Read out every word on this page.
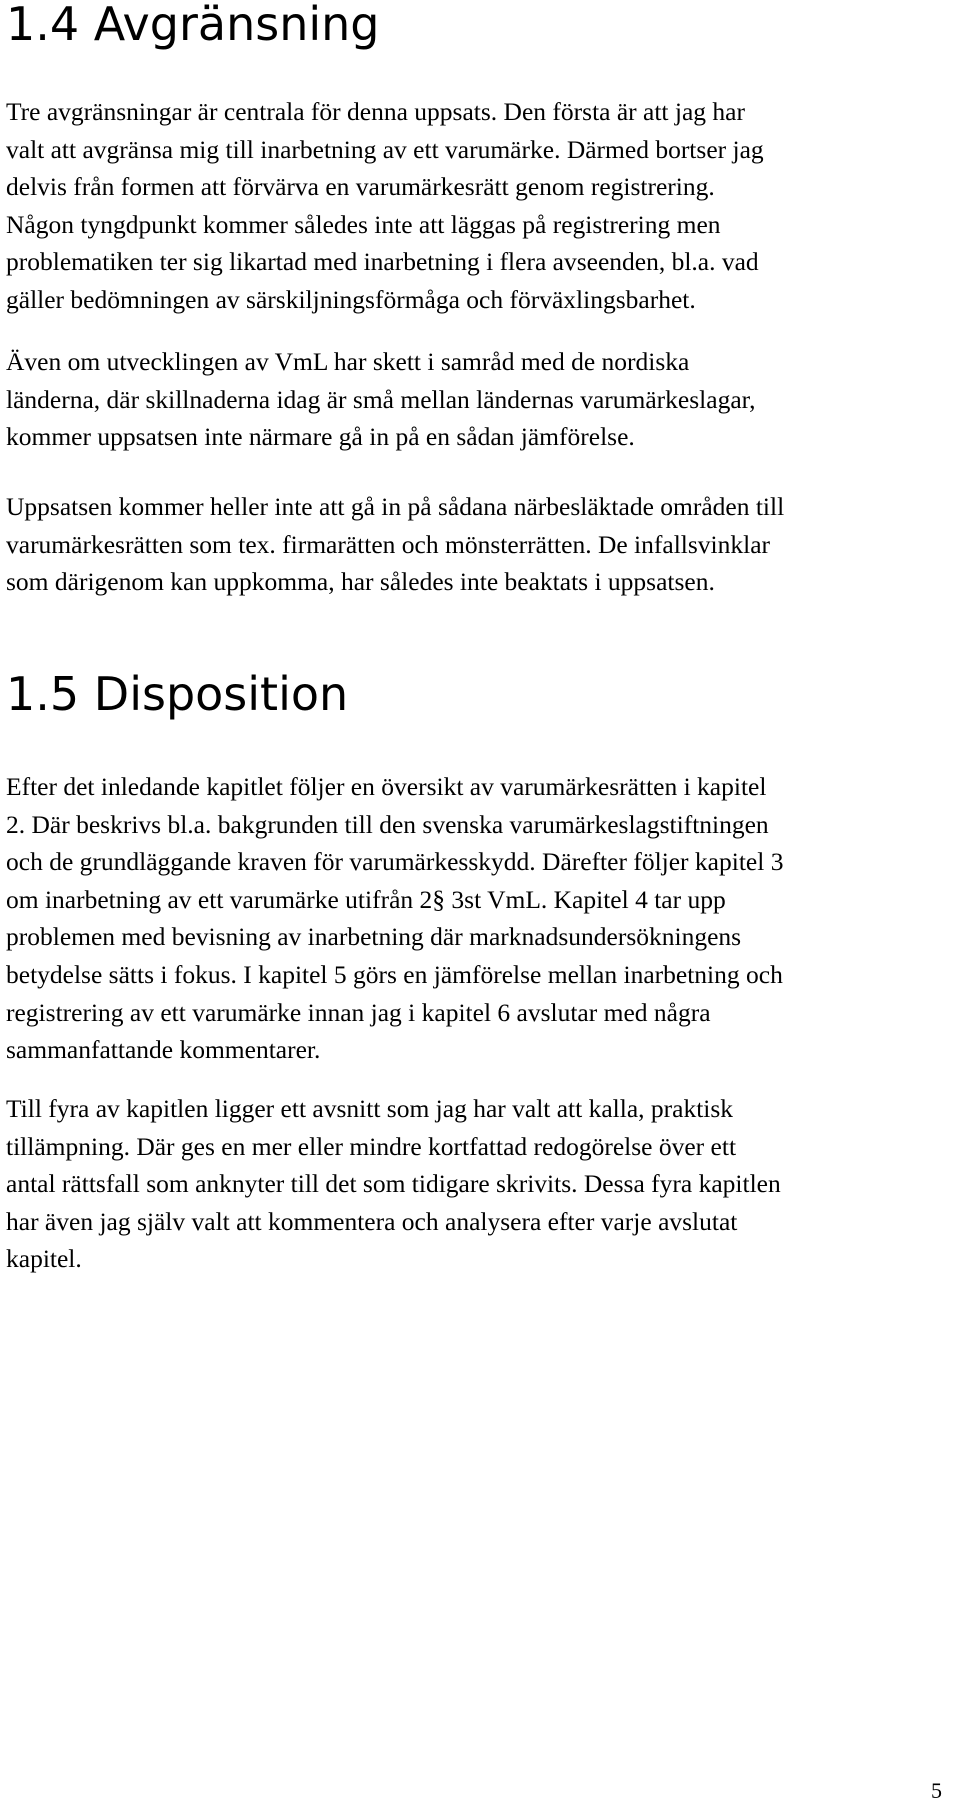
1.4 Avgränsning

Tre avgränsningar är centrala för denna uppsats. Den första är att jag har
valt att avgränsa mig till inarbetning av ett varumärke. Därmed bortser jag
delvis från formen att förvärva en varumärkesrätt genom registrering.
Någon tyngdpunkt kommer således inte att läggas på registrering men
problematiken ter sig likartad med inarbetning i flera avseenden, bl.a. vad
gäller bedömningen av särskiljningsförmåga och förväxlingsbarhet.

Även om utvecklingen av VmL har skett i samråd med de nordiska
länderna, där skillnaderna idag är små mellan ländernas varumärkeslagar,
kommer uppsatsen inte närmare gå in på en sådan jämförelse.

Uppsatsen kommer heller inte att gå in på sådana närbesläktade områden till
varumärkesrätten som tex. firmarätten och mönsterrätten. De infallsvinklar
som därigenom kan uppkomma, har således inte beaktats i uppsatsen.

1.5 Disposition

Efter det inledande kapitlet följer en översikt av varumärkesrätten i kapitel
2. Där beskrivs bl.a. bakgrunden till den svenska varumärkeslagstiftningen
och de grundläggande kraven för varumärkesskydd. Därefter följer kapitel 3
om inarbetning av ett varumärke utifrån 2§ 3st VmL. Kapitel 4 tar upp
problemen med bevisning av inarbetning där marknadsundersökningens
betydelse sätts i fokus. I kapitel 5 görs en jämförelse mellan inarbetning och
registrering av ett varumärke innan jag i kapitel 6 avslutar med några
sammanfattande kommentarer.

Till fyra av kapitlen ligger ett avsnitt som jag har valt att kalla, praktisk
tillämpning. Där ges en mer eller mindre kortfattad redogörelse över ett
antal rättsfall som anknyter till det som tidigare skrivits. Dessa fyra kapitlen
har även jag själv valt att kommentera och analysera efter varje avslutat
kapitel.

5
